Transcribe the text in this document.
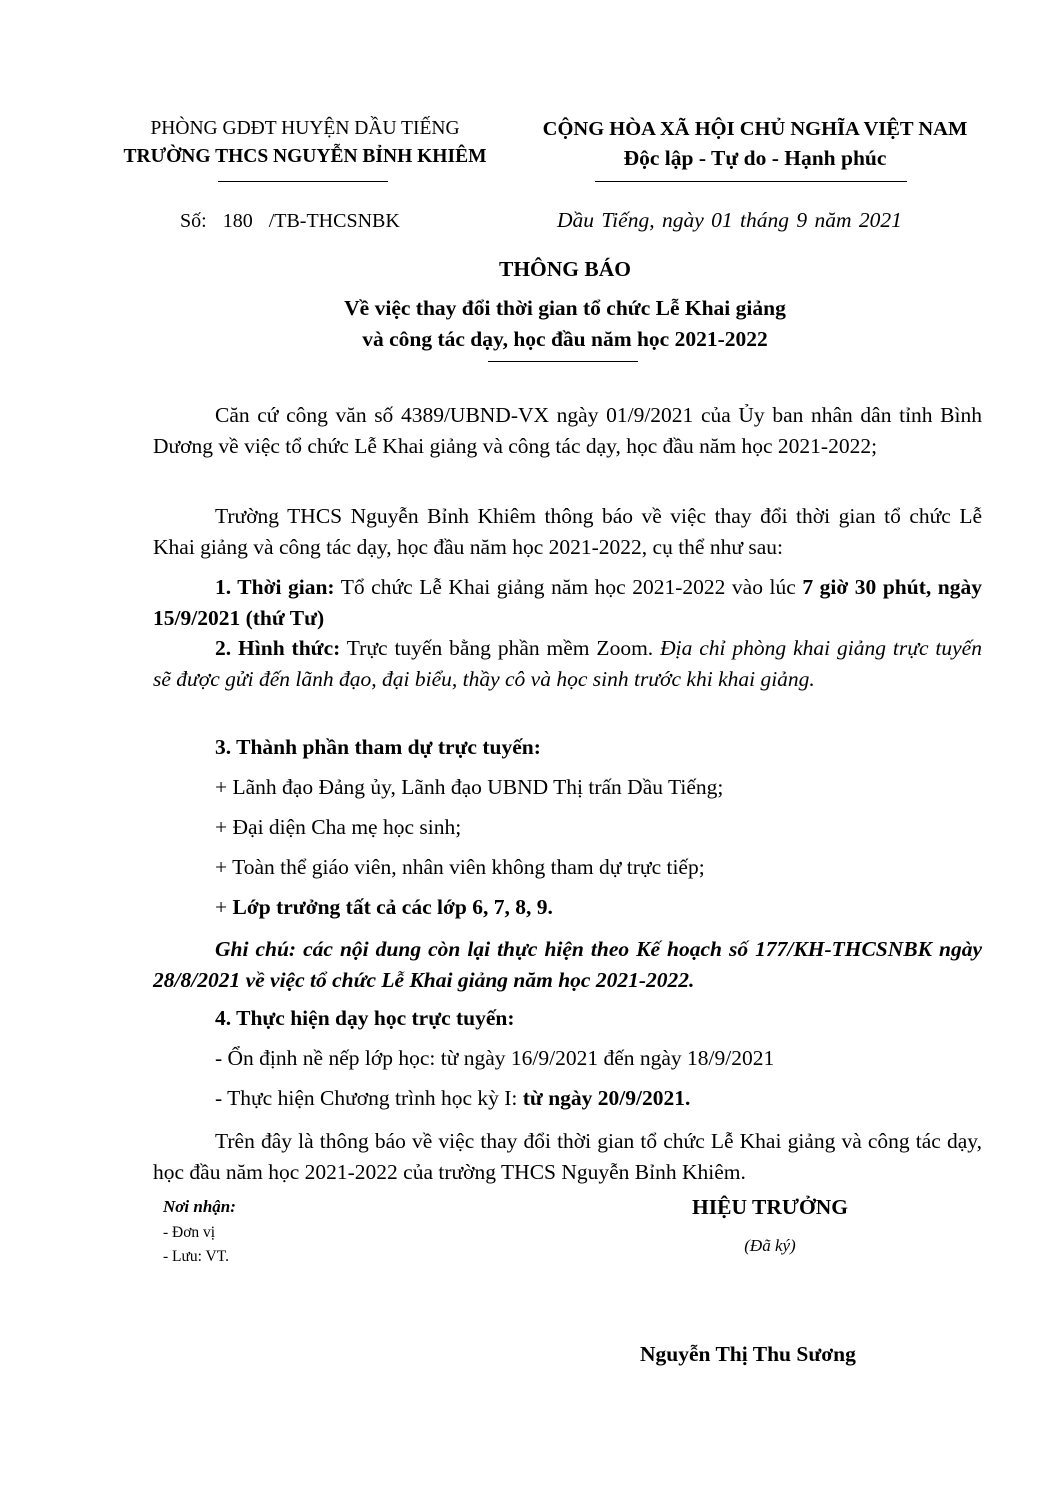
PHÒNG GDĐT HUYỆN DẦU TIẾNG
TRƯỜNG THCS NGUYỄN BỈNH KHIÊM
CỘNG HÒA XÃ HỘI CHỦ NGHĨA VIỆT NAM
Độc lập - Tự do - Hạnh phúc
Số: 180 /TB-THCSNBK	Dầu Tiếng, ngày 01 tháng 9 năm 2021
THÔNG BÁO
Về việc thay đổi thời gian tổ chức Lễ Khai giảng
và công tác dạy, học đầu năm học 2021-2022
Căn cứ công văn số 4389/UBND-VX ngày 01/9/2021 của Ủy ban nhân dân tỉnh Bình Dương về việc tổ chức Lễ Khai giảng và công tác dạy, học đầu năm học 2021-2022;
Trường THCS Nguyễn Bỉnh Khiêm thông báo về việc thay đổi thời gian tổ chức Lễ Khai giảng và công tác dạy, học đầu năm học 2021-2022, cụ thể như sau:
1. Thời gian: Tổ chức Lễ Khai giảng năm học 2021-2022 vào lúc 7 giờ 30 phút, ngày 15/9/2021 (thứ Tư)
2. Hình thức: Trực tuyến bằng phần mềm Zoom. Địa chỉ phòng khai giảng trực tuyến sẽ được gửi đến lãnh đạo, đại biểu, thầy cô và học sinh trước khi khai giảng.
3. Thành phần tham dự trực tuyến:
+ Lãnh đạo Đảng ủy, Lãnh đạo UBND Thị trấn Dầu Tiếng;
+ Đại diện Cha mẹ học sinh;
+ Toàn thể giáo viên, nhân viên không tham dự trực tiếp;
+ Lớp trưởng tất cả các lớp 6, 7, 8, 9.
Ghi chú: các nội dung còn lại thực hiện theo Kế hoạch số 177/KH-THCSNBK ngày 28/8/2021 về việc tổ chức Lễ Khai giảng năm học 2021-2022.
4. Thực hiện dạy học trực tuyến:
- Ổn định nề nếp lớp học: từ ngày 16/9/2021 đến ngày 18/9/2021
- Thực hiện Chương trình học kỳ I: từ ngày 20/9/2021.
Trên đây là thông báo về việc thay đổi thời gian tổ chức Lễ Khai giảng và công tác dạy, học đầu năm học 2021-2022 của trường THCS Nguyễn Bỉnh Khiêm.
Nơi nhận:
- Đơn vị
- Lưu: VT.
HIỆU TRƯỞNG
(Đã ký)
Nguyễn Thị Thu Sương
